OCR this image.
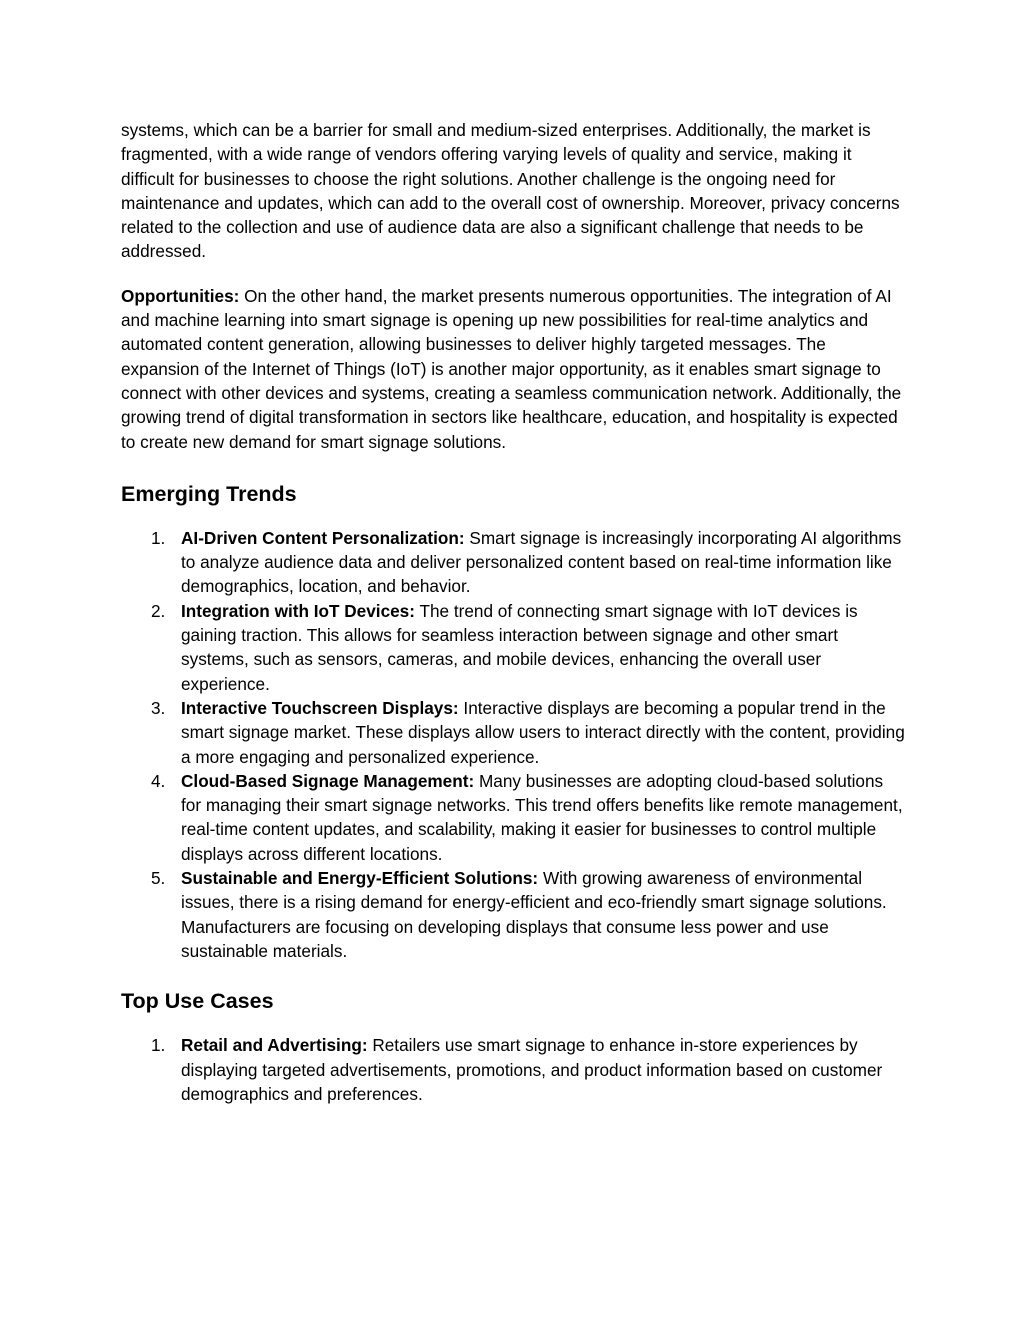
systems, which can be a barrier for small and medium-sized enterprises. Additionally, the market is fragmented, with a wide range of vendors offering varying levels of quality and service, making it difficult for businesses to choose the right solutions. Another challenge is the ongoing need for maintenance and updates, which can add to the overall cost of ownership. Moreover, privacy concerns related to the collection and use of audience data are also a significant challenge that needs to be addressed.

Opportunities: On the other hand, the market presents numerous opportunities. The integration of AI and machine learning into smart signage is opening up new possibilities for real-time analytics and automated content generation, allowing businesses to deliver highly targeted messages. The expansion of the Internet of Things (IoT) is another major opportunity, as it enables smart signage to connect with other devices and systems, creating a seamless communication network. Additionally, the growing trend of digital transformation in sectors like healthcare, education, and hospitality is expected to create new demand for smart signage solutions.

Emerging Trends
1. AI-Driven Content Personalization: Smart signage is increasingly incorporating AI algorithms to analyze audience data and deliver personalized content based on real-time information like demographics, location, and behavior.
2. Integration with IoT Devices: The trend of connecting smart signage with IoT devices is gaining traction. This allows for seamless interaction between signage and other smart systems, such as sensors, cameras, and mobile devices, enhancing the overall user experience.
3. Interactive Touchscreen Displays: Interactive displays are becoming a popular trend in the smart signage market. These displays allow users to interact directly with the content, providing a more engaging and personalized experience.
4. Cloud-Based Signage Management: Many businesses are adopting cloud-based solutions for managing their smart signage networks. This trend offers benefits like remote management, real-time content updates, and scalability, making it easier for businesses to control multiple displays across different locations.
5. Sustainable and Energy-Efficient Solutions: With growing awareness of environmental issues, there is a rising demand for energy-efficient and eco-friendly smart signage solutions. Manufacturers are focusing on developing displays that consume less power and use sustainable materials.
Top Use Cases
1. Retail and Advertising: Retailers use smart signage to enhance in-store experiences by displaying targeted advertisements, promotions, and product information based on customer demographics and preferences.
